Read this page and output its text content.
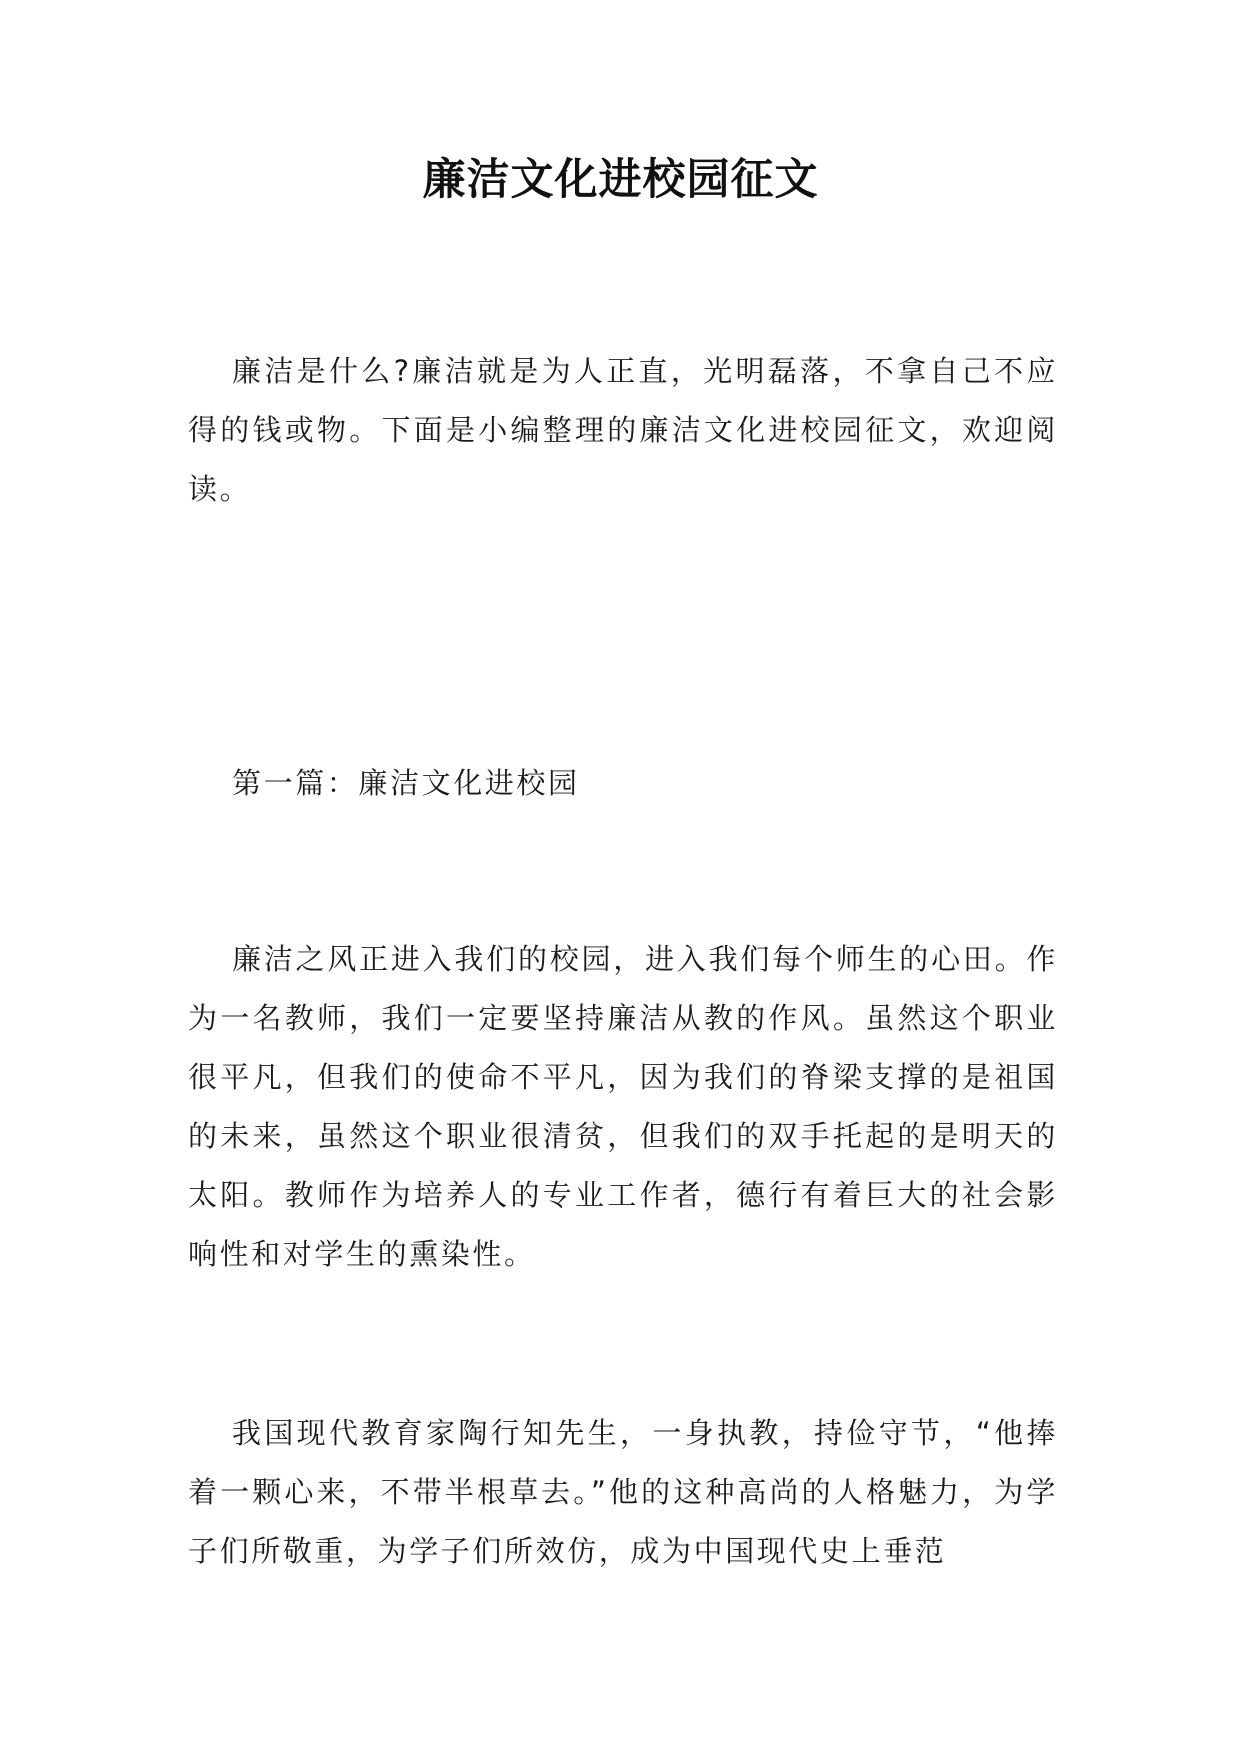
廉洁文化进校园征文

廉洁是什么?廉洁就是为人正直，光明磊落，不拿自己不应得的钱或物。下面是小编整理的廉洁文化进校园征文，欢迎阅读。

第一篇：廉洁文化进校园

廉洁之风正进入我们的校园，进入我们每个师生的心田。作为一名教师，我们一定要坚持廉洁从教的作风。虽然这个职业很平凡，但我们的使命不平凡，因为我们的脊梁支撑的是祖国的未来，虽然这个职业很清贫，但我们的双手托起的是明天的太阳。教师作为培养人的专业工作者，德行有着巨大的社会影响性和对学生的熏染性。

我国现代教育家陶行知先生，一身执教，持俭守节，“他捧着一颗心来，不带半根草去。”他的这种高尚的人格魅力，为学子们所敬重，为学子们所效仿，成为中国现代史上垂范
